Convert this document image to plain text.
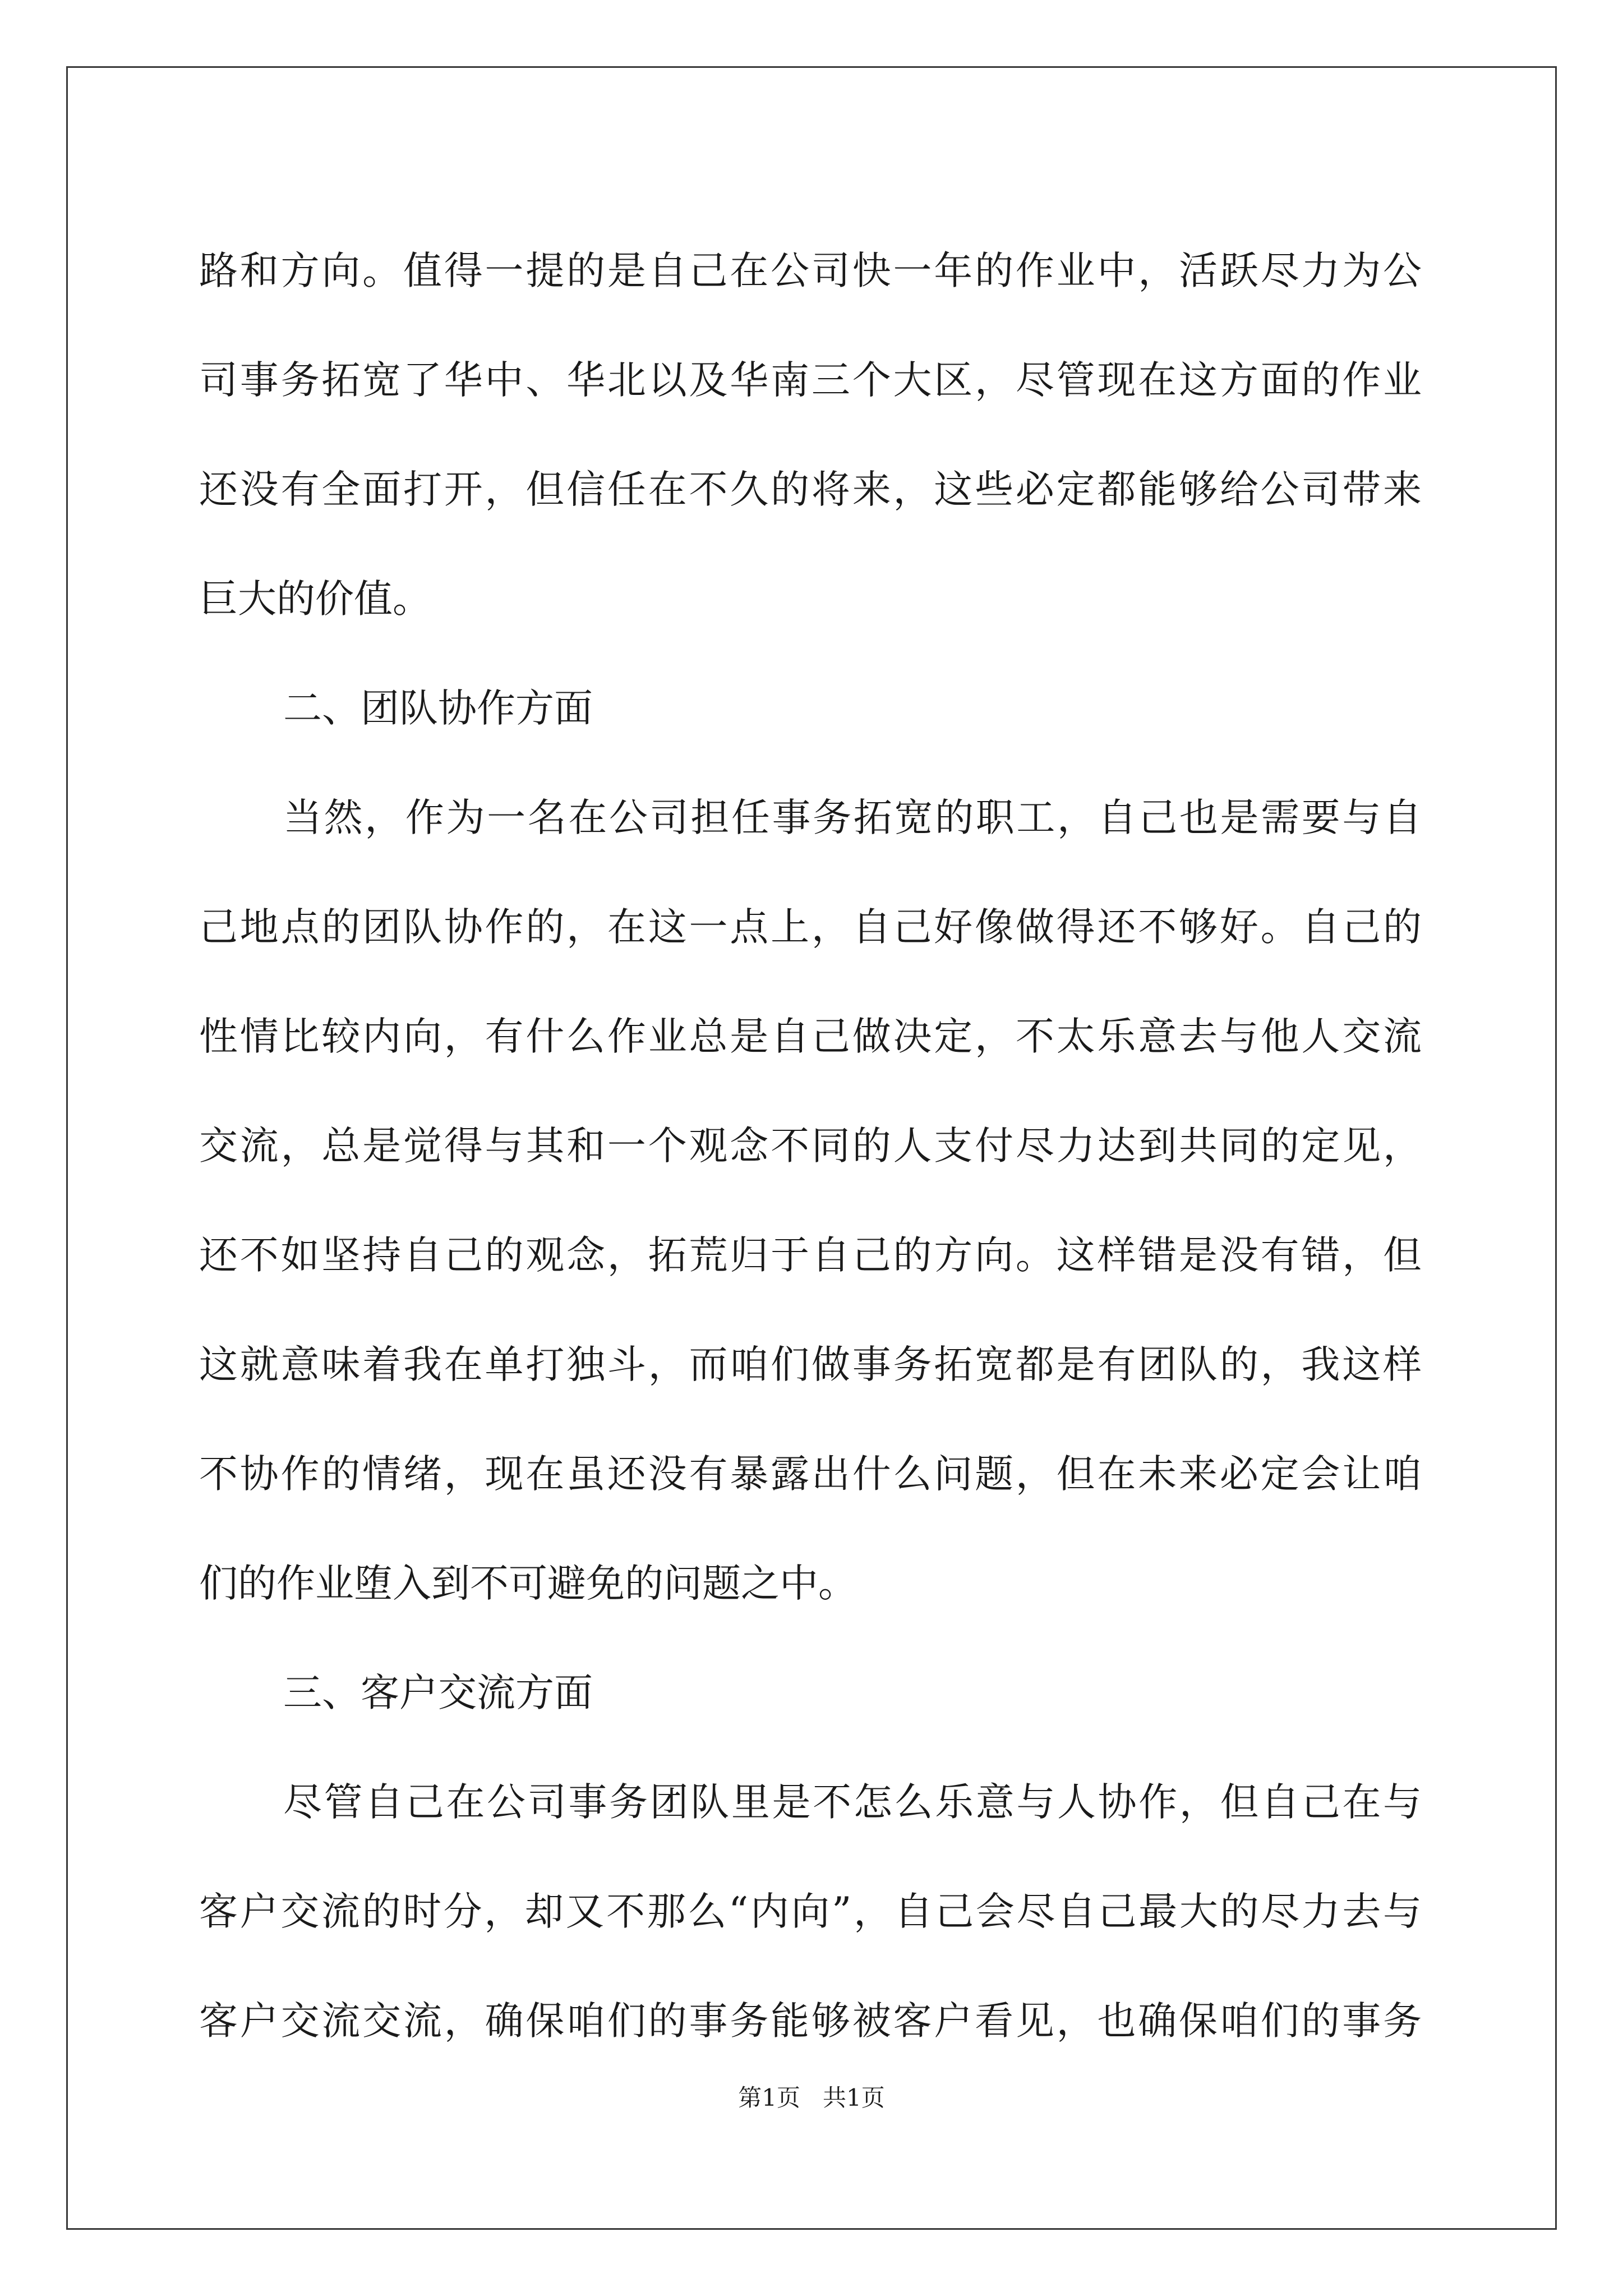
路和方向。值得一提的是自己在公司快一年的作业中，活跃尽力为公

司事务拓宽了华中、华北以及华南三个大区，尽管现在这方面的作业

还没有全面打开，但信任在不久的将来，这些必定都能够给公司带来

巨大的价值。

二、团队协作方面

当然，作为一名在公司担任事务拓宽的职工，自己也是需要与自

己地点的团队协作的，在这一点上，自己好像做得还不够好。自己的

性情比较内向，有什么作业总是自己做决定，不太乐意去与他人交流

交流，总是觉得与其和一个观念不同的人支付尽力达到共同的定见，

还不如坚持自己的观念，拓荒归于自己的方向。这样错是没有错，但

这就意味着我在单打独斗，而咱们做事务拓宽都是有团队的，我这样

不协作的情绪，现在虽还没有暴露出什么问题，但在未来必定会让咱

们的作业堕入到不可避免的问题之中。

三、客户交流方面

尽管自己在公司事务团队里是不怎么乐意与人协作，但自己在与

客户交流的时分，却又不那么“内向”，自己会尽自己最大的尽力去与

客户交流交流，确保咱们的事务能够被客户看见，也确保咱们的事务

第1页 共1页
